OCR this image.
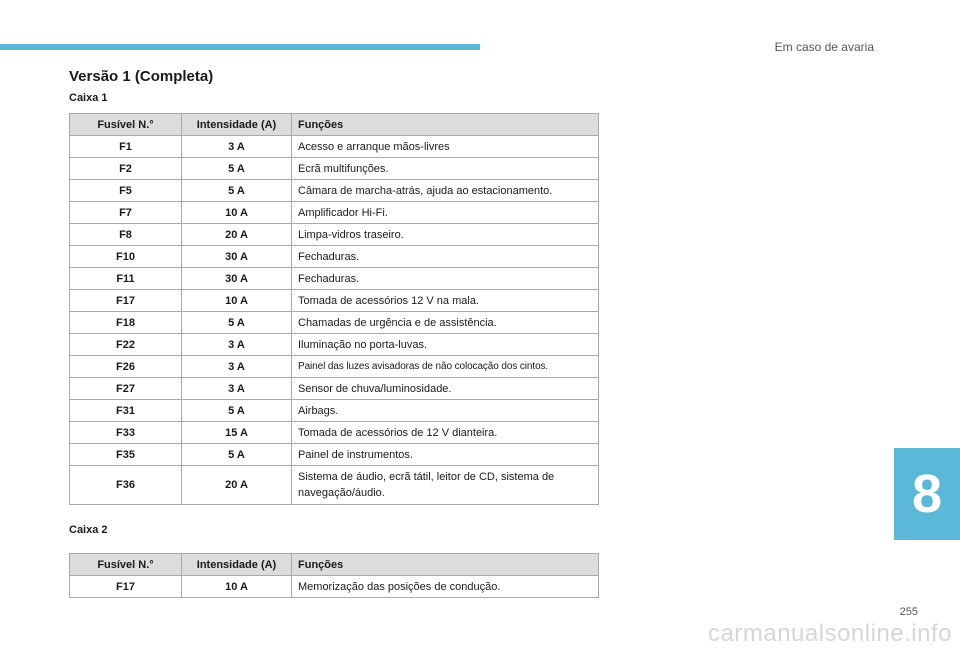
Em caso de avaria
Versão 1 (Completa)
Caixa 1
Fusível N.°	Intensidade (A)	Funções
F1	3 A	Acesso e arranque mãos-livres
F2	5 A	Ecrã multifunções.
F5	5 A	Câmara de marcha-atrás, ajuda ao estacionamento.
F7	10 A	Amplificador Hi-Fi.
F8	20 A	Limpa-vidros traseiro.
F10	30 A	Fechaduras.
F11	30 A	Fechaduras.
F17	10 A	Tomada de acessórios 12 V na mala.
F18	5 A	Chamadas de urgência e de assistência.
F22	3 A	Iluminação no porta-luvas.
F26	3 A	Painel das luzes avisadoras de não colocação dos cintos.
F27	3 A	Sensor de chuva/luminosidade.
F31	5 A	Airbags.
F33	15 A	Tomada de acessórios de 12 V dianteira.
F35	5 A	Painel de instrumentos.
F36	20 A	Sistema de áudio, ecrã tátil, leitor de CD, sistema de navegação/áudio.
Caixa 2
Fusível N.°	Intensidade (A)	Funções
F17	10 A	Memorização das posições de condução.
8
255
carmanualsonline.info
